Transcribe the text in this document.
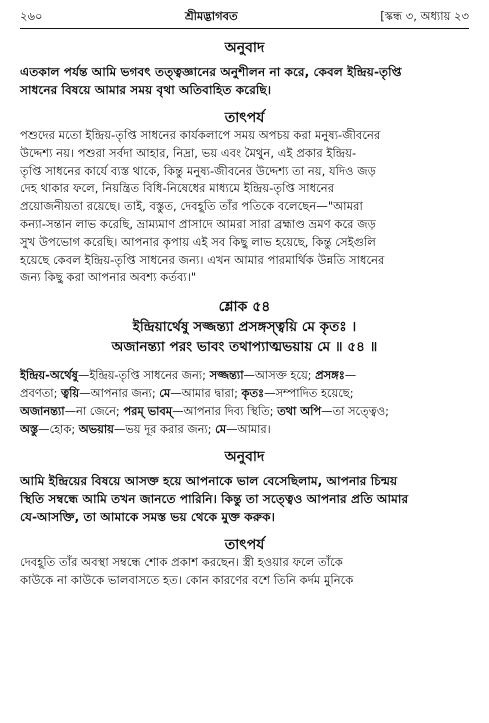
২৬০	শ্রীমদ্ভাগবত	[স্কন্ধ ৩, অধ্যায় ২৩

অনুবাদ

এতকাল পর্যন্ত আমি ভগবৎ তত্ত্বজ্ঞানের অনুশীলন না করে, কেবল ইন্দ্রিয়-তৃপ্তি

সাধনের বিষয়ে আমার সময় বৃথা অতিবাহিত করেছি।

তাৎপর্য

পশুদের মতো ইন্দ্রিয়-তৃপ্তি সাধনের কার্যকলাপে সময় অপচয় করা মনুষ্য-জীবনের

উদ্দেশ্য নয়। পশুরা সর্বদা আহার, নিদ্রা, ভয় এবং মৈথুন, এই প্রকার ইন্দ্রিয়-

তৃপ্তি সাধনের কার্যে ব্যস্ত থাকে, কিন্তু মনুষ্য-জীবনের উদ্দেশ্য তা নয়, যদিও জড়

দেহ থাকার ফলে, নিয়ন্ত্রিত বিধি-নিষেধের মাধ্যমে ইন্দ্রিয়-তৃপ্তি সাধনের

প্রয়োজনীয়তা রয়েছে। তাই, বস্তুত, দেবহূতি তাঁর পতিকে বলেছেন—"আমরা

কন্যা-সন্তান লাভ করেছি, ভ্রাম্যমাণ প্রাসাদে আমরা সারা ব্রহ্মাণ্ড ভ্রমণ করে জড়

সুখ উপভোগ করেছি। আপনার কৃপায় এই সব কিছু লাভ হয়েছে, কিন্তু সেইগুলি

হয়েছে কেবল ইন্দ্রিয়-তৃপ্তি সাধনের জন্য। এখন আমার পারমার্থিক উন্নতি সাধনের

জন্য কিছু করা আপনার অবশ্য কর্তব্য।"

শ্লোক ৫৪

ইন্দ্রিয়ার্থেষু সজ্জন্ত্যা প্রসঙ্গস্ত্বয়ি মে কৃতঃ ।

অজানন্ত্যা পরং ভাবং তথাপ্যাত্মভয়ায় মে ॥ ৫৪ ॥

ইন্দ্রিয়-অর্থেষু—ইন্দ্রিয়-তৃপ্তি সাধনের জন্য; সজ্জন্ত্যা—আসক্ত হয়ে; প্রসঙ্গঃ—

প্রবণতা; ত্বয়ি—আপনার জন্য; মে—আমার দ্বারা; কৃতঃ—সম্পাদিত হয়েছে;

অজানন্ত্যা—না জেনে; পরম্ ভাবম্—আপনার দিব্য স্থিতি; তথা অপি—তা সত্ত্বেও;

অস্তু—হোক; অভয়ায়—ভয় দূর করার জন্য; মে—আমার।

অনুবাদ

আমি ইন্দ্রিয়ের বিষয়ে আসক্ত হয়ে আপনাকে ভাল বেসেছিলাম, আপনার চিন্ময়

স্থিতি সম্বন্ধে আমি তখন জানতে পারিনি। কিন্তু তা সত্ত্বেও আপনার প্রতি আমার

যে-আসক্তি, তা আমাকে সমস্ত ভয় থেকে মুক্ত করুক।

তাৎপর্য

দেবহূতি তাঁর অবস্থা সম্বন্ধে শোক প্রকাশ করছেন। স্ত্রী হওয়ার ফলে তাঁকে

কাউকে না কাউকে ভালবাসতে হত। কোন কারণের বশে তিনি কর্দম মুনিকে
